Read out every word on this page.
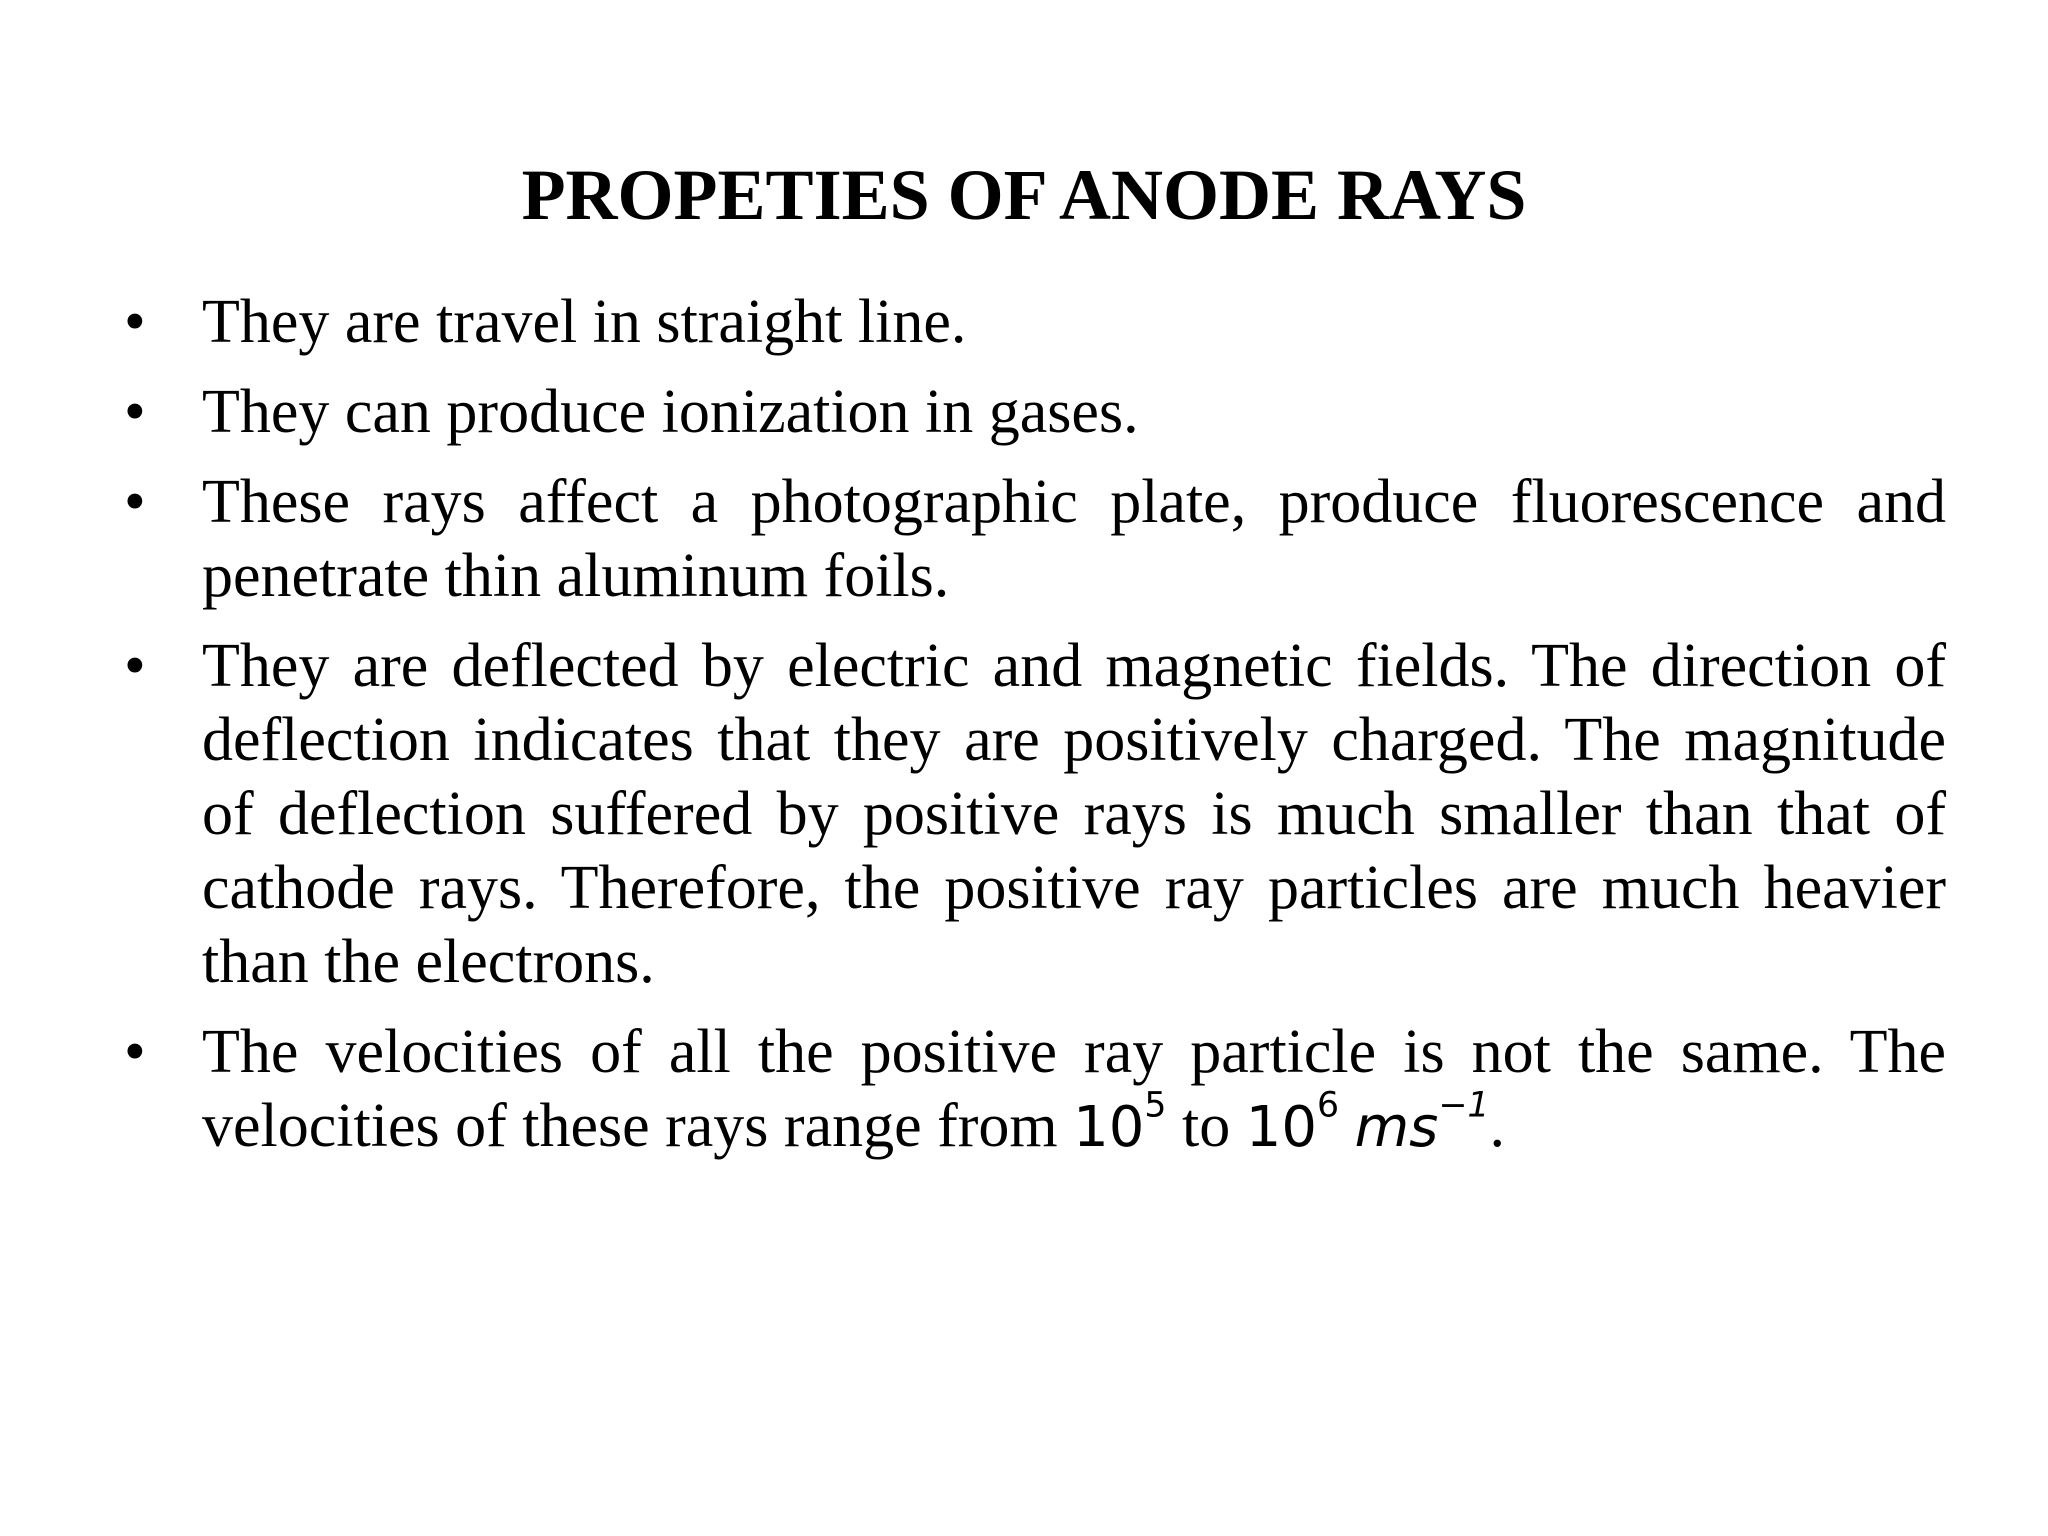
PROPETIES OF ANODE RAYS
• They are travel in straight line.
• They can produce ionization in gases.
• These rays affect a photographic plate, produce fluorescence and penetrate thin aluminum foils.
• They are deflected by electric and magnetic fields. The direction of deflection indicates that they are positively charged. The magnitude of deflection suffered by positive rays is much smaller than that of cathode rays. Therefore, the positive ray particles are much heavier than the electrons.
• The velocities of all the positive ray particle is not the same. The velocities of these rays range from $10^5$ to $10^6$ $ms^{-1}$.
